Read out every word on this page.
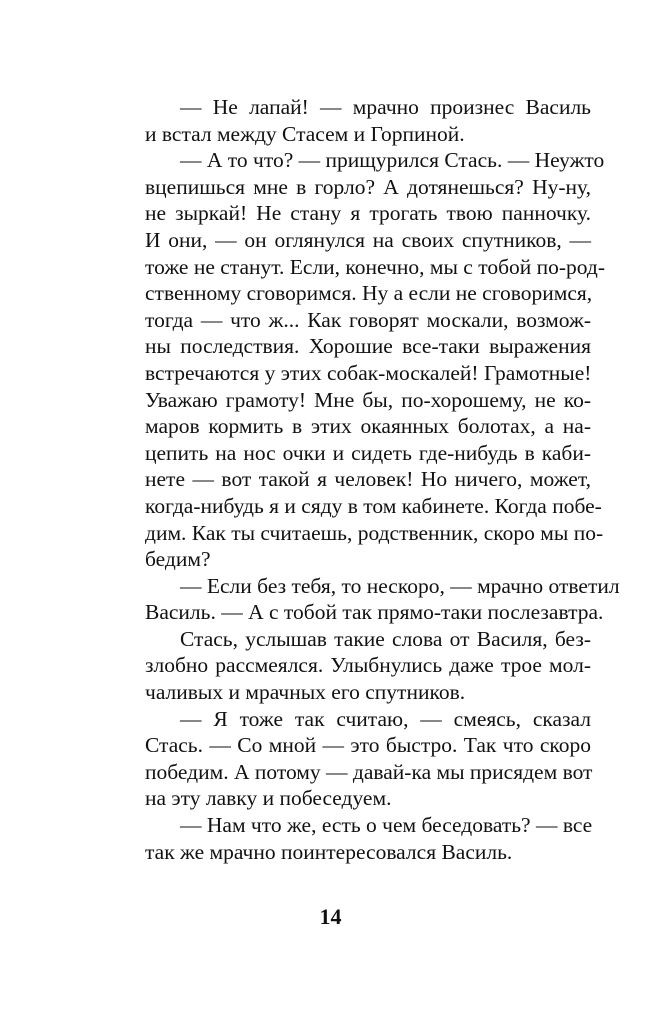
— Не лапай! — мрачно произнес Василь
и встал между Стасем и Горпиной.
— А то что? — прищурился Стась. — Неужто
вцепишься мне в горло? А дотянешься? Ну-ну,
не зыркай! Не стану я трогать твою панночку.
И они, — он оглянулся на своих спутников, —
тоже не станут. Если, конечно, мы с тобой по-род-
ственному сговоримся. Ну а если не сговоримся,
тогда — что ж... Как говорят москали, возмож-
ны последствия. Хорошие все-таки выражения
встречаются у этих собак-москалей! Грамотные!
Уважаю грамоту! Мне бы, по-хорошему, не ко-
маров кормить в этих окаянных болотах, а на-
цепить на нос очки и сидеть где-нибудь в каби-
нете — вот такой я человек! Но ничего, может,
когда-нибудь я и сяду в том кабинете. Когда побе-
дим. Как ты считаешь, родственник, скоро мы по-
бедим?
— Если без тебя, то нескоро, — мрачно ответил
Василь. — А с тобой так прямо-таки послезавтра.
Стась, услышав такие слова от Василя, без-
злобно рассмеялся. Улыбнулись даже трое мол-
чаливых и мрачных его спутников.
— Я тоже так считаю, — смеясь, сказал
Стась. — Со мной — это быстро. Так что скоро
победим. А потому — давай-ка мы присядем вот
на эту лавку и побеседуем.
— Нам что же, есть о чем беседовать? — все
так же мрачно поинтересовался Василь.
14
